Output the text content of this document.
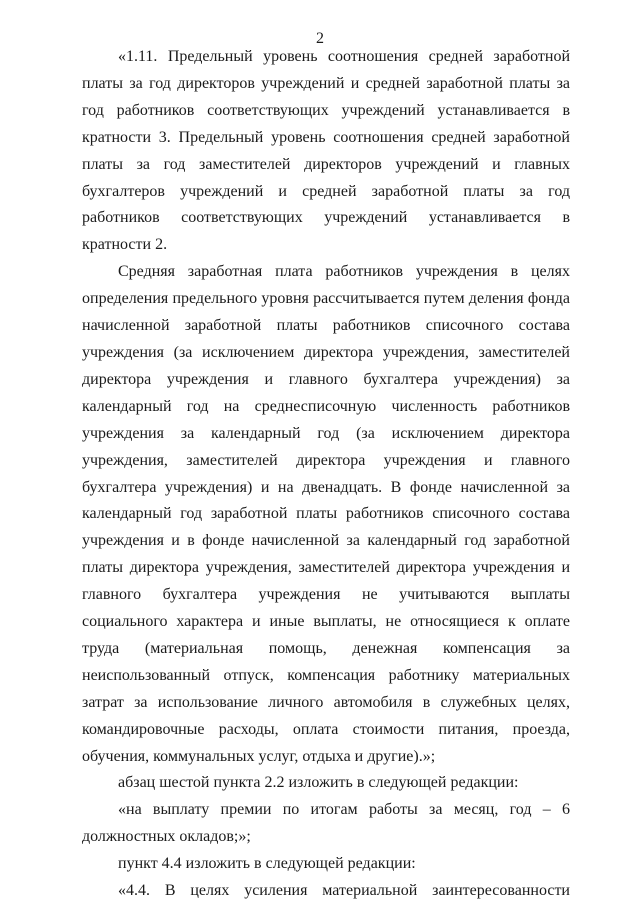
2

«1.11. Предельный уровень соотношения средней заработной платы за год директоров учреждений и средней заработной платы за год работников соответствующих учреждений устанавливается в кратности 3. Предельный уровень соотношения средней заработной платы за год заместителей директоров учреждений и главных бухгалтеров учреждений и средней заработной платы за год работников соответствующих учреждений устанавливается в кратности 2.

Средняя заработная плата работников учреждения в целях определения предельного уровня рассчитывается путем деления фонда начисленной заработной платы работников списочного состава учреждения (за исключением директора учреждения, заместителей директора учреждения и главного бухгалтера учреждения) за календарный год на среднесписочную численность работников учреждения за календарный год (за исключением директора учреждения, заместителей директора учреждения и главного бухгалтера учреждения) и на двенадцать. В фонде начисленной за календарный год заработной платы работников списочного состава учреждения и в фонде начисленной за календарный год заработной платы директора учреждения, заместителей директора учреждения и главного бухгалтера учреждения не учитываются выплаты социального характера и иные выплаты, не относящиеся к оплате труда (материальная помощь, денежная компенсация за неиспользованный отпуск, компенсация работнику материальных затрат за использование личного автомобиля в служебных целях, командировочные расходы, оплата стоимости питания, проезда, обучения, коммунальных услуг, отдыха и другие).»;

абзац шестой пункта 2.2 изложить в следующей редакции:

«на выплату премии по итогам работы за месяц, год – 6 должностных окладов;»;

пункт 4.4 изложить в следующей редакции:

«4.4. В целях усиления материальной заинтересованности
